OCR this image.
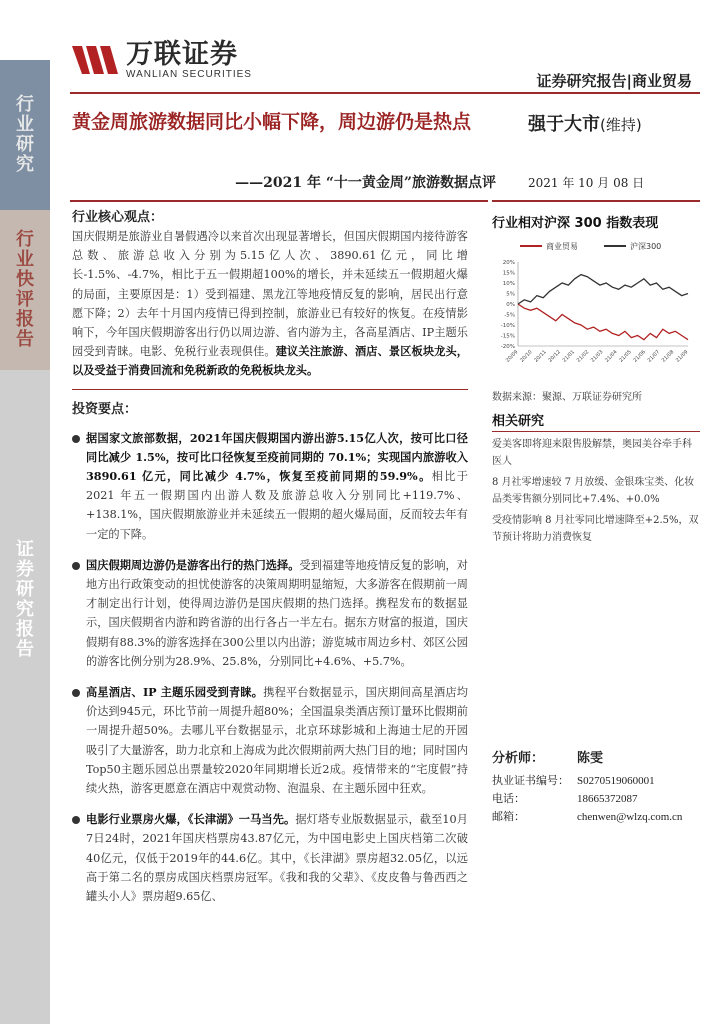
行
业
研
究
行
业
快
评
报
告
证
券
研
究
报
告
万联证券
WANLIAN SECURITIES	证券研究报告|商业贸易
黄金周旅游数据同比小幅下降，周边游仍是热点
——2021 年 “十一黄金周”旅游数据点评
强于大市(维持)
2021 年 10 月 08 日
行业核心观点：

国庆假期是旅游业自暑假遇冷以来首次出现显著增长，但国庆假期国内接待游客总数、旅游总收入分别为5.15亿人次、3890.61亿元，同比增长-1.5%、-4.7%，相比于五一假期超100%的增长，并未延续五一假期超火爆的局面，主要原因是：1）受到福建、黑龙江等地疫情反复的影响，居民出行意愿下降；2）去年十月国内疫情已得到控制，旅游业已有较好的恢复。在疫情影响下，今年国庆假期游客出行仍以周边游、省内游为主，各高星酒店、IP主题乐园受到青睐。电影、免税行业表现俱佳。建议关注旅游、酒店、景区板块龙头，以及受益于消费回流和免税新政的免税板块龙头。

投资要点：
据国家文旅部数据，2021年国庆假期国内游出游5.15亿人次，按可比口径同比减少 1.5%，按可比口径恢复至疫前同期的 70.1%；实现国内旅游收入 3890.61 亿元，同比减少 4.7%，恢复至疫前同期的59.9%。相比于 2021 年五一假期国内出游人数及旅游总收入分别同比+119.7%、+138.1%，国庆假期旅游业并未延续五一假期的超火爆局面，反而较去年有一定的下降。
国庆假期周边游仍是游客出行的热门选择。受到福建等地疫情反复的影响，对地方出行政策变动的担忧使游客的决策周期明显缩短，大多游客在假期前一周才制定出行计划，使得周边游仍是国庆假期的热门选择。携程发布的数据显示，国庆假期省内游和跨省游的出行各占一半左右。据东方财富的报道，国庆假期有88.3%的游客选择在300公里以内出游；游览城市周边乡村、郊区公园的游客比例分别为28.9%、25.8%，分别同比+4.6%、+5.7%。
高星酒店、IP 主题乐园受到青睐。携程平台数据显示，国庆期间高星酒店均价达到945元，环比节前一周提升超80%；全国温泉类酒店预订量环比假期前一周提升超50%。去哪儿平台数据显示，北京环球影城和上海迪士尼的开园吸引了大量游客，助力北京和上海成为此次假期前两大热门目的地；同时国内Top50主题乐园总出票量较2020年同期增长近2成。疫情带来的“宅度假”持续火热，游客更愿意在酒店中观赏动物、泡温泉、在主题乐园中狂欢。
电影行业票房火爆，《长津湖》一马当先。据灯塔专业版数据显示，截至10月7日24时，2021年国庆档票房43.87亿元，为中国电影史上国庆档第二次破40亿元，仅低于2019年的44.6亿。其中，《长津湖》票房超32.05亿，以远高于第二名的票房成国庆档票房冠军。《我和我的父辈》、《皮皮鲁与鲁西西之罐头小人》票房超9.65亿、
行业相对沪深 300 指数表现
商业贸易	沪深300
20%
15%
10%
5%
0%
-5%
-10%
-15%
-20%
20/09 20/10 20/11 20/12 21/01 21/02 21/03 21/04 21/05 21/06 21/07 21/08 21/09
数据来源：聚源、万联证券研究所
相关研究
爱美客即将迎来限售股解禁，奥园美谷牵手科医人
8 月社零增速较 7 月放缓、金银珠宝类、化妆品类零售额分别同比+7.4%、+0.0%
受疫情影响 8 月社零同比增速降至+2.5%，双节预计将助力消费恢复
分析师：	陈雯
执业证书编号： S0270519060001
电话：	18665372087
邮箱：	chenwen@wlzq.com.cn
